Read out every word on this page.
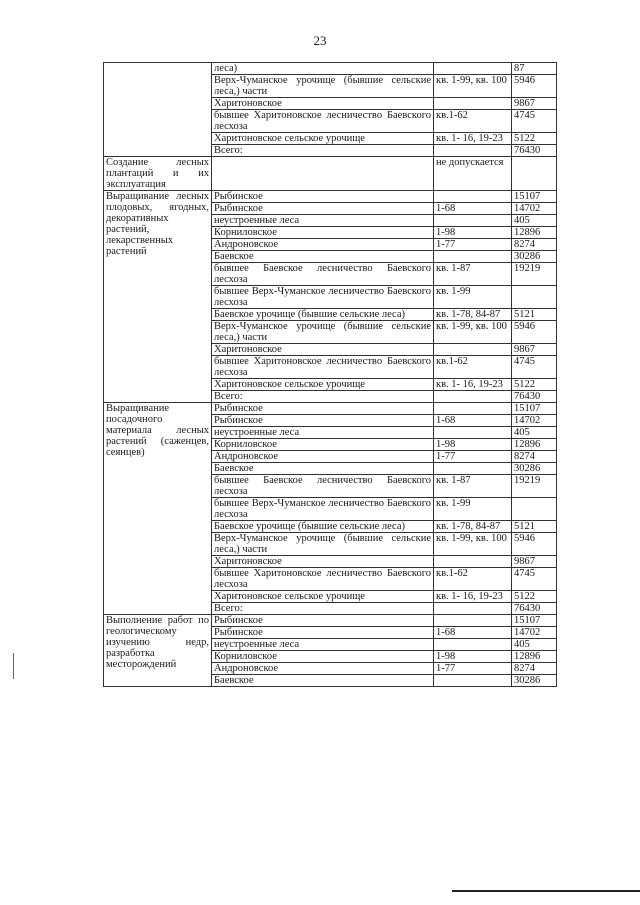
23
	леса)		87
	Верх-Чуманское урочище (бывшие сельские леса,) части	кв. 1-99, кв. 100	5946
	Харитоновское		9867
	бывшее Харитоновское лесничество Баевского лесхоза	кв.1-62	4745
	Харитоновское сельское урочище	кв. 1- 16, 19-23	5122
	Всего:		76430
Создание лесных плантаций и их эксплуатация		не допускается	
Выращивание лесных плодовых, ягодных, декоративных растений, лекарственных растений	Рыбинское		15107
	Рыбинское	1-68	14702
	неустроенные леса		405
	Корниловское	1-98	12896
	Андроновское	1-77	8274
	Баевское		30286
	бывшее Баевское лесничество Баевского лесхоза	кв. 1-87	19219
	бывшее Верх-Чуманское лесничество Баевского лесхоза	кв. 1-99	
	Баевское урочище (бывшие сельские леса)	кв. 1-78, 84-87	5121
	Верх-Чуманское урочище (бывшие сельские леса,) части	кв. 1-99, кв. 100	5946
	Харитоновское		9867
	бывшее Харитоновское лесничество Баевского лесхоза	кв.1-62	4745
	Харитоновское сельское урочище	кв. 1- 16, 19-23	5122
	Всего:		76430
Выращивание посадочного материала лесных растений (саженцев, сеянцев)	Рыбинское		15107
	Рыбинское	1-68	14702
	неустроенные леса		405
	Корниловское	1-98	12896
	Андроновское	1-77	8274
	Баевское		30286
	бывшее Баевское лесничество Баевского лесхоза	кв. 1-87	19219
	бывшее Верх-Чуманское лесничество Баевского лесхоза	кв. 1-99	
	Баевское урочище (бывшие сельские леса)	кв. 1-78, 84-87	5121
	Верх-Чуманское урочище (бывшие сельские леса,) части	кв. 1-99, кв. 100	5946
	Харитоновское		9867
	бывшее Харитоновское лесничество Баевского лесхоза	кв.1-62	4745
	Харитоновское сельское урочище	кв. 1- 16, 19-23	5122
	Всего:		76430
Выполнение работ по геологическому изучению недр, разработка месторождений	Рыбинское		15107
	Рыбинское	1-68	14702
	неустроенные леса		405
	Корниловское	1-98	12896
	Андроновское	1-77	8274
	Баевское		30286
